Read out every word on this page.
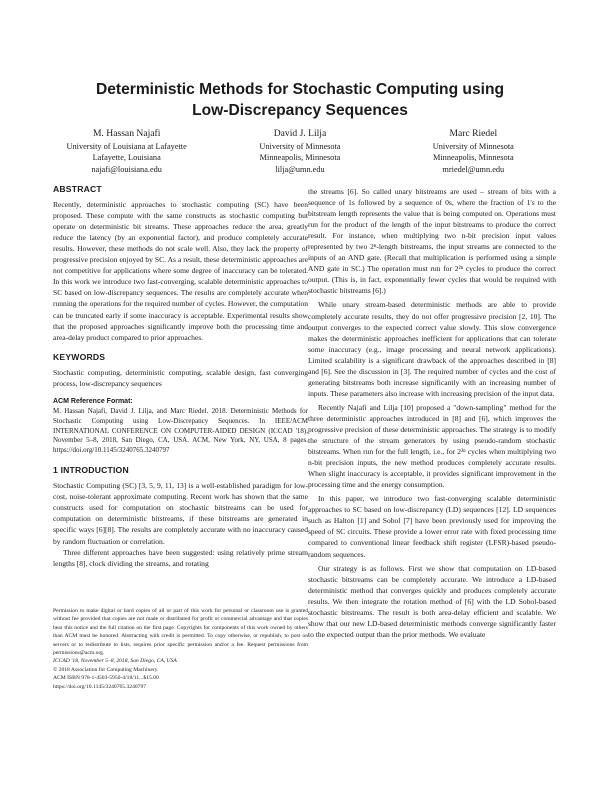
Deterministic Methods for Stochastic Computing using
Low-Discrepancy Sequences
M. Hassan Najafi
University of Louisiana at Lafayette
Lafayette, Louisiana
najafi@louisiana.edu
David J. Lilja
University of Minnesota
Minneapolis, Minnesota
lilja@umn.edu
Marc Riedel
University of Minnesota
Minneapolis, Minnesota
mriedel@umn.edu
ABSTRACT

Recently, deterministic approaches to stochastic computing (SC) have been proposed. These compute with the same constructs as stochastic computing but operate on deterministic bit streams. These approaches reduce the area, greatly reduce the latency (by an exponential factor), and produce completely accurate results. However, these methods do not scale well. Also, they lack the property of progressive precision enjoyed by SC. As a result, these deterministic approaches are not competitive for applications where some degree of inaccuracy can be tolerated. In this work we introduce two fast-converging, scalable deterministic approaches to SC based on low-discrepancy sequences. The results are completely accurate when running the operations for the required number of cycles. However, the computation can be truncated early if some inaccuracy is acceptable. Experimental results show that the proposed approaches significantly improve both the processing time and area-delay product compared to prior approaches.

KEYWORDS

Stochastic computing, deterministic computing, scalable design, fast converging process, low-discrepancy sequences

ACM Reference Format:

M. Hassan Najafi, David J. Lilja, and Marc Riedel. 2018. Deterministic Methods for Stochastic Computing using Low-Discrepancy Sequences. In IEEE/ACM INTERNATIONAL CONFERENCE ON COMPUTER-AIDED DESIGN (ICCAD '18), November 5–8, 2018, San Diego, CA, USA. ACM, New York, NY, USA, 8 pages. https://doi.org/10.1145/3240765.3240797

1 INTRODUCTION

Stochastic Computing (SC) [3, 5, 9, 11, 13] is a well-established paradigm for low-cost, noise-tolerant approximate computing. Recent work has shown that the same constructs used for computation on stochastic bitstreams can be used for computation on deterministic bitstreams, if these bitstreams are generated in specific ways [6][8]. The results are completely accurate with no inaccuracy caused by random fluctuation or correlation.

Three different approaches have been suggested: using relatively prime stream lengths [8], clock dividing the streams, and rotating

Permission to make digital or hard copies of all or part of this work for personal or classroom use is granted without fee provided that copies are not made or distributed for profit or commercial advantage and that copies bear this notice and the full citation on the first page. Copyrights for components of this work owned by others than ACM must be honored. Abstracting with credit is permitted. To copy otherwise, or republish, to post on servers or to redistribute to lists, requires prior specific permission and/or a fee. Request permissions from permissions@acm.org.

ICCAD '18, November 5–8, 2018, San Diego, CA, USA

© 2018 Association for Computing Machinery.

ACM ISBN 978-1-4503-5950-4/18/11...$15.00

https://doi.org/10.1145/3240765.3240797

the streams [6]. So called unary bitstreams are used – stream of bits with a sequence of 1s followed by a sequence of 0s, where the fraction of 1's to the bitstream length represents the value that is being computed on. Operations must run for the product of the length of the input bitstreams to produce the correct result. For instance, when multiplying two n-bit precision input values represented by two 2ⁿ-length bitstreams, the input streams are connected to the inputs of an AND gate. (Recall that multiplication is performed using a simple AND gate in SC.) The operation must run for 2²ⁿ cycles to produce the correct output. (This is, in fact, exponentially fewer cycles that would be required with stochastic bitstreams [6].)

While unary stream-based deterministic methods are able to provide completely accurate results, they do not offer progressive precision [2, 10]. The output converges to the expected correct value slowly. This slow convergence makes the deterministic approaches inefficient for applications that can tolerate some inaccuracy (e.g., image processing and neural network applications). Limited scalability is a significant drawback of the approaches described in [8] and [6]. See the discussion in [3]. The required number of cycles and the cost of generating bitstreams both increase significantly with an increasing number of inputs. These parameters also increase with increasing precision of the input data.

Recently Najafi and Lilja [10] proposed a "down-sampling" method for the three deterministic approaches introduced in [8] and [6], which improves the progressive precision of these deterministic approaches. The strategy is to modify the structure of the stream generators by using pseudo-random stochastic bitstreams. When run for the full length, i.e., for 2²ⁿ cycles when multiplying two n-bit precision inputs, the new method produces completely accurate results. When slight inaccuracy is acceptable, it provides significant improvement in the processing time and the energy consumption.

In this paper, we introduce two fast-converging scalable deterministic approaches to SC based on low-discrepancy (LD) sequences [12]. LD sequences such as Halton [1] and Sobol [7] have been previously used for improving the speed of SC circuits. These provide a lower error rate with fixed processing time compared to conventional linear feedback shift register (LFSR)-based pseudo-random sequences.

Our strategy is as follows. First we show that computation on LD-based stochastic bitstreams can be completely accurate. We introduce a LD-based deterministic method that converges quickly and produces completely accurate results. We then integrate the rotation method of [6] with the LD Sobol-based stochastic bitstreams. The result is both area-delay efficient and scalable. We show that our new LD-based deterministic methods converge significantly faster to the expected output than the prior methods. We evaluate
